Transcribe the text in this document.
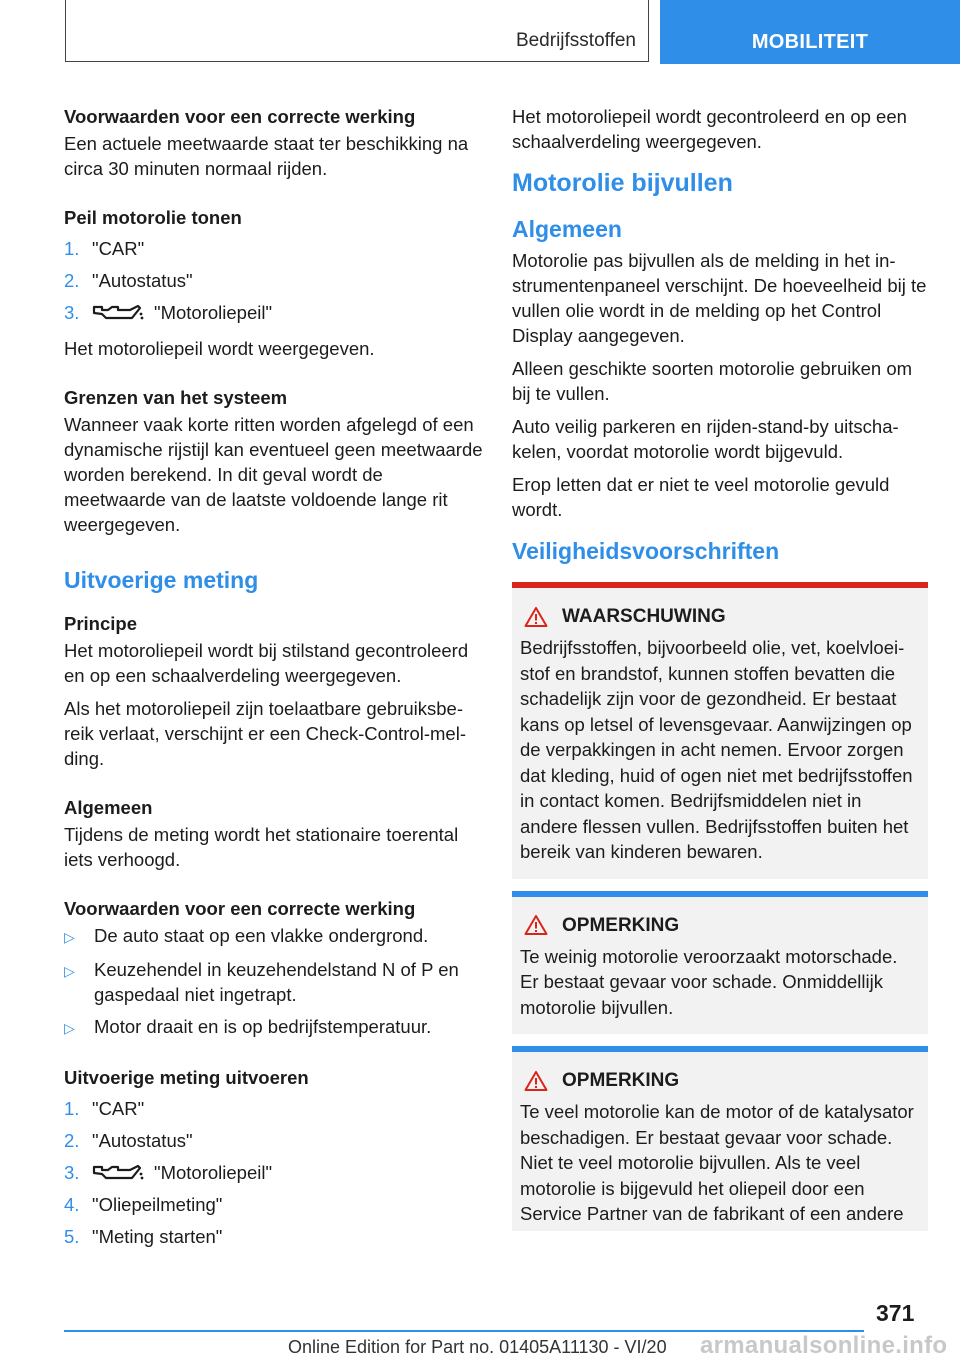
Bedrijfsstoffen	MOBILITEIT
Voorwaarden voor een correcte werking

Een actuele meetwaarde staat ter beschikking na circa 30 minuten normaal rijden.

Peil motorolie tonen
1. "CAR"
2. "Autostatus"
3.	"Motoroliepeil"

Het motoroliepeil wordt weergegeven.

Grenzen van het systeem

Wanneer vaak korte ritten worden afgelegd of een dynamische rijstijl kan eventueel geen meetwaarde worden berekend. In dit geval wordt de meetwaarde van de laatste voldoende lange rit weergegeven.

Uitvoerige meting
Principe

Het motoroliepeil wordt bij stilstand gecontroleerd en op een schaalverdeling weergegeven.

Als het motoroliepeil zijn toelaatbare gebruiksbereik verlaat, verschijnt er een Check-Control-melding.

Algemeen

Tijdens de meting wordt het stationaire toerental iets verhoogd.

Voorwaarden voor een correcte werking
▷	De auto staat op een vlakke ondergrond.
▷	Keuzehendel in keuzehendelstand N of P en gaspedaal niet ingetrapt.
▷	Motor draait en is op bedrijfstemperatuur.
Uitvoerige meting uitvoeren
1. "CAR"
2. "Autostatus"
3.	"Motoroliepeil"
4. "Oliepeilmeting"
5. "Meting starten"

Het motoroliepeil wordt gecontroleerd en op een schaalverdeling weergegeven.

Motorolie bijvullen
Algemeen

Motorolie pas bijvullen als de melding in het instrumentenpaneel verschijnt. De hoeveelheid bij te vullen olie wordt in de melding op het Control Display aangegeven.

Alleen geschikte soorten motorolie gebruiken om bij te vullen.

Auto veilig parkeren en rijden-stand-by uitschakelen, voordat motorolie wordt bijgevuld.

Erop letten dat er niet te veel motorolie gevuld wordt.

Veiligheidsvoorschriften
WAARSCHUWING
Bedrijfsstoffen, bijvoorbeeld olie, vet, koelvloeistof en brandstof, kunnen stoffen bevatten die schadelijk zijn voor de gezondheid. Er bestaat kans op letsel of levensgevaar. Aanwijzingen op de verpakkingen in acht nemen. Ervoor zorgen dat kleding, huid of ogen niet met bedrijfsstoffen in contact komen. Bedrijfsmiddelen niet in andere flessen vullen. Bedrijfsstoffen buiten het bereik van kinderen bewaren.
OPMERKING
Te weinig motorolie veroorzaakt motorschade. Er bestaat gevaar voor schade. Onmiddellijk motorolie bijvullen.
OPMERKING
Te veel motorolie kan de motor of de katalysator beschadigen. Er bestaat gevaar voor schade. Niet te veel motorolie bijvullen. Als te veel motorolie is bijgevuld het oliepeil door een Service Partner van de fabrikant of een andere
371
Online Edition for Part no. 01405A11130 - VI/20 armanualsonline.info
